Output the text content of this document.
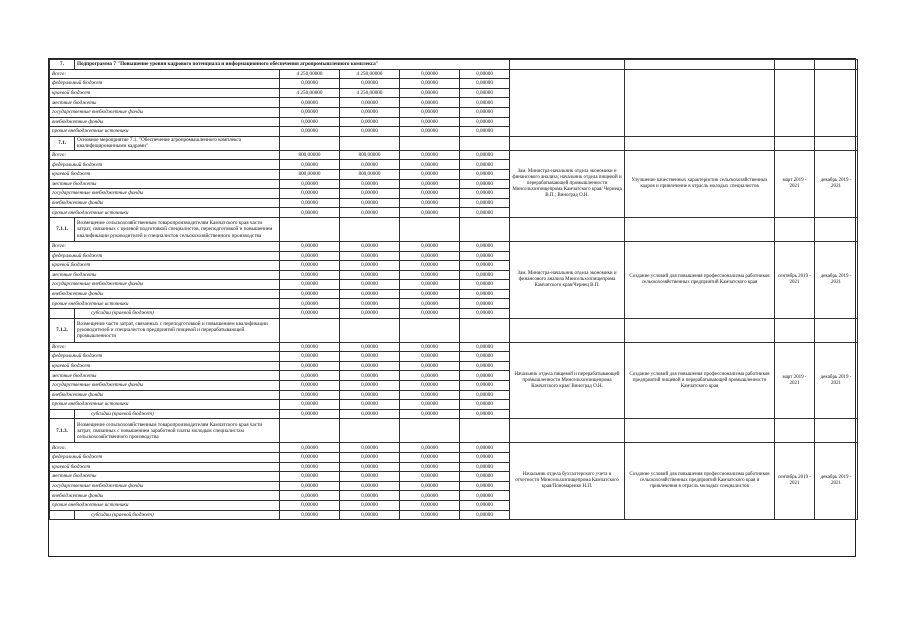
7.	Подпрограмма 7 "Повышение уровня кадрового потенциала и информационного обеспечения агропромышленного комплекса"								
Всего:		4 250,00000	4 250,00000	0,00000	0,00000				
федеральный бюджет		0,00000	0,00000	0,00000	0,00000				
краевой бюджет		4 250,00000	4 250,00000	0,00000	0,00000				
местные бюджеты		0,00000	0,00000	0,00000	0,00000				
государственные внебюджетные фонды		0,00000	0,00000	0,00000	0,00000				
внебюджетные фонды		0,00000	0,00000	0,00000	0,00000				
прочие внебюджетные источники		0,00000	0,00000	0,00000	0,00000				
7.1.	Основное мероприятие 7.1. "Обеспечение агропромышленного комплекса квалифицированными кадрами"								
Всего:		800,00000	800,00000	0,00000	0,00000	Зам. Министра-начальник отдела экономики и финансового анализа; начальник отдела пищевой и перерабатывающей промышленности Минсельхозпищепрома Камчатского края/ Чернеца В.П.; Виноград О.Н.	Улучшение качественных характеристик сельскохозяйственных кадров и привлечение в отрасль молодых специалистов	март 2019 - 2021	декабрь 2019 - 2021
федеральный бюджет		0,00000	0,00000	0,00000	0,00000				
краевой бюджет		800,00000	800,00000	0,00000	0,00000				
местные бюджеты		0,00000	0,00000	0,00000	0,00000				
государственные внебюджетные фонды		0,00000	0,00000	0,00000	0,00000				
внебюджетные фонды		0,00000	0,00000	0,00000	0,00000				
прочие внебюджетные источники		0,00000	0,00000	0,00000	0,00000				
7.1.1.	Возмещение сельскохозяйственным товаропроизводителям Камчатского края части затрат, связанных с целевой подготовкой специалистов, переподготовкой и повышением квалификации руководителей и специалистов сельскохозяйственного производства								
Всего:		0,00000	0,00000	0,00000	0,00000	Зам. Министра-начальник отдела экономики и финансового анализа Минсельхозпищепрома Камчатского края/Чернец В.П.	Создание условий для повышения профессионализма работников сельскохозяйственных предприятий Камчатского края	сентябрь 2019 - 2021	декабрь 2019 - 2021
федеральный бюджет		0,00000	0,00000	0,00000	0,00000				
краевой бюджет		0,00000	0,00000	0,00000	0,00000				
местные бюджеты		0,00000	0,00000	0,00000	0,00000				
государственные внебюджетные фонды		0,00000	0,00000	0,00000	0,00000				
внебюджетные фонды		0,00000	0,00000	0,00000	0,00000				
прочие внебюджетные источники		0,00000	0,00000	0,00000	0,00000				
	субсидии (краевой бюджет)	0,00000	0,00000	0,00000	0,00000				
7.1.2.	Возмещение части затрат, связанных с переподготовкой и повышением квалификации руководителей и специалистов предприятий пищевой и перерабатывающей промышленности								
Всего:		0,00000	0,00000	0,00000	0,00000	Начальник отдела пищевой и перерабатывающей промышленности Минсельхозпищепрома Камчатского края/ Виноград О.Н.	Создание условий для повышения профессионализма работников предприятий пищевой и перерабатывающей промышленности Камчатского края	март 2019 - 2021	декабрь 2019 - 2021
федеральный бюджет		0,00000	0,00000	0,00000	0,00000				
краевой бюджет		0,00000	0,00000	0,00000	0,00000				
местные бюджеты		0,00000	0,00000	0,00000	0,00000				
государственные внебюджетные фонды		0,00000	0,00000	0,00000	0,00000				
внебюджетные фонды		0,00000	0,00000	0,00000	0,00000				
прочие внебюджетные источники		0,00000	0,00000	0,00000	0,00000				
	субсидии (краевой бюджет)	0,00000	0,00000	0,00000	0,00000				
7.1.3.	Возмещение сельскохозяйственным товаропроизводителям Камчатского края части затрат, связанных с повышением заработной платы молодым специалистам сельскохозяйственного производства								
Всего:		0,00000	0,00000	0,00000	0,00000	Начальник отдела бухгалтерского учета и отчетности Минсельхозпищепрома Камчатского края/Пономаренко Н.П.	Создание условий для повышения профессионализма работников сельскохозяйственных предприятий Камчатского края и привлечения в отрасль молодых специалистов	сентябрь 2019 - 2021	декабрь 2019 - 2021
федеральный бюджет		0,00000	0,00000	0,00000	0,00000				
краевой бюджет		0,00000	0,00000	0,00000	0,00000				
местные бюджеты		0,00000	0,00000	0,00000	0,00000				
государственные внебюджетные фонды		0,00000	0,00000	0,00000	0,00000				
внебюджетные фонды		0,00000	0,00000	0,00000	0,00000				
прочие внебюджетные источники		0,00000	0,00000	0,00000	0,00000				
	субсидии (краевой бюджет)	0,00000	0,00000	0,00000	0,00000				
